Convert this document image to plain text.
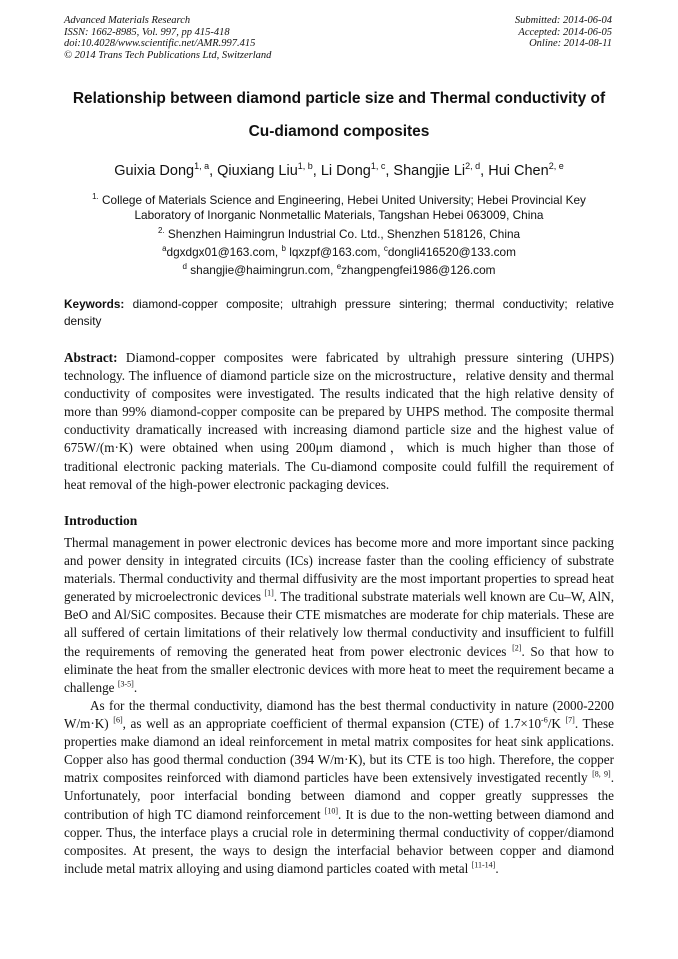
Advanced Materials Research
ISSN: 1662-8985, Vol. 997, pp 415-418
doi:10.4028/www.scientific.net/AMR.997.415
© 2014 Trans Tech Publications Ltd, Switzerland
Submitted: 2014-06-04
Accepted: 2014-06-05
Online: 2014-08-11
Relationship between diamond particle size and Thermal conductivity of
Cu-diamond composites
Guixia Dong$^{1, a}$, Qiuxiang Liu$^{1, b}$, Li Dong$^{1, c}$, Shangjie Li$^{2, d}$, Hui Chen$^{2, e}$
$^{1.}$ College of Materials Science and Engineering, Hebei United University; Hebei Provincial Key
Laboratory of Inorganic Nonmetallic Materials, Tangshan Hebei 063009, China
$^{2.}$ Shenzhen Haimingrun Industrial Co. Ltd., Shenzhen 518126, China
$^a$dgxdgx01@163.com, $^b$ lqxzpf@163.com, $^c$dongli416520@133.com
$^d$ shangjie@haimingrun.com, $^e$zhangpengfei1986@126.com
Keywords: diamond-copper composite; ultrahigh pressure sintering; thermal conductivity; relative density
Abstract: Diamond-copper composites were fabricated by ultrahigh pressure sintering (UHPS) technology. The influence of diamond particle size on the microstructure，relative density and thermal conductivity of composites were investigated. The results indicated that the high relative density of more than 99% diamond-copper composite can be prepared by UHPS method. The composite thermal conductivity dramatically increased with increasing diamond particle size and the highest value of 675W/(m·K) were obtained when using 200μm diamond，which is much higher than those of traditional electronic packing materials. The Cu-diamond composite could fulfill the requirement of heat removal of the high-power electronic packaging devices.
Introduction
Thermal management in power electronic devices has become more and more important since packing and power density in integrated circuits (ICs) increase faster than the cooling efficiency of substrate materials. Thermal conductivity and thermal diffusivity are the most important properties to spread heat generated by microelectronic devices [1]. The traditional substrate materials well known are Cu–W, AlN, BeO and Al/SiC composites. Because their CTE mismatches are moderate for chip materials. These are all suffered of certain limitations of their relatively low thermal conductivity and insufficient to fulfill the requirements of removing the generated heat from power electronic devices [2]. So that how to eliminate the heat from the smaller electronic devices with more heat to meet the requirement became a challenge [3-5].
As for the thermal conductivity, diamond has the best thermal conductivity in nature (2000-2200 W/m·K) [6], as well as an appropriate coefficient of thermal expansion (CTE) of $1.7\times 10^{-6}/K$ [7]. These properties make diamond an ideal reinforcement in metal matrix composites for heat sink applications. Copper also has good thermal conduction (394 W/m·K), but its CTE is too high. Therefore, the copper matrix composites reinforced with diamond particles have been extensively investigated recently [8, 9]. Unfortunately, poor interfacial bonding between diamond and copper greatly suppresses the contribution of high TC diamond reinforcement [10]. It is due to the non-wetting between diamond and copper. Thus, the interface plays a crucial role in determining thermal conductivity of copper/diamond composites. At present, the ways to design the interfacial behavior between copper and diamond include metal matrix alloying and using diamond particles coated with metal [11-14].
